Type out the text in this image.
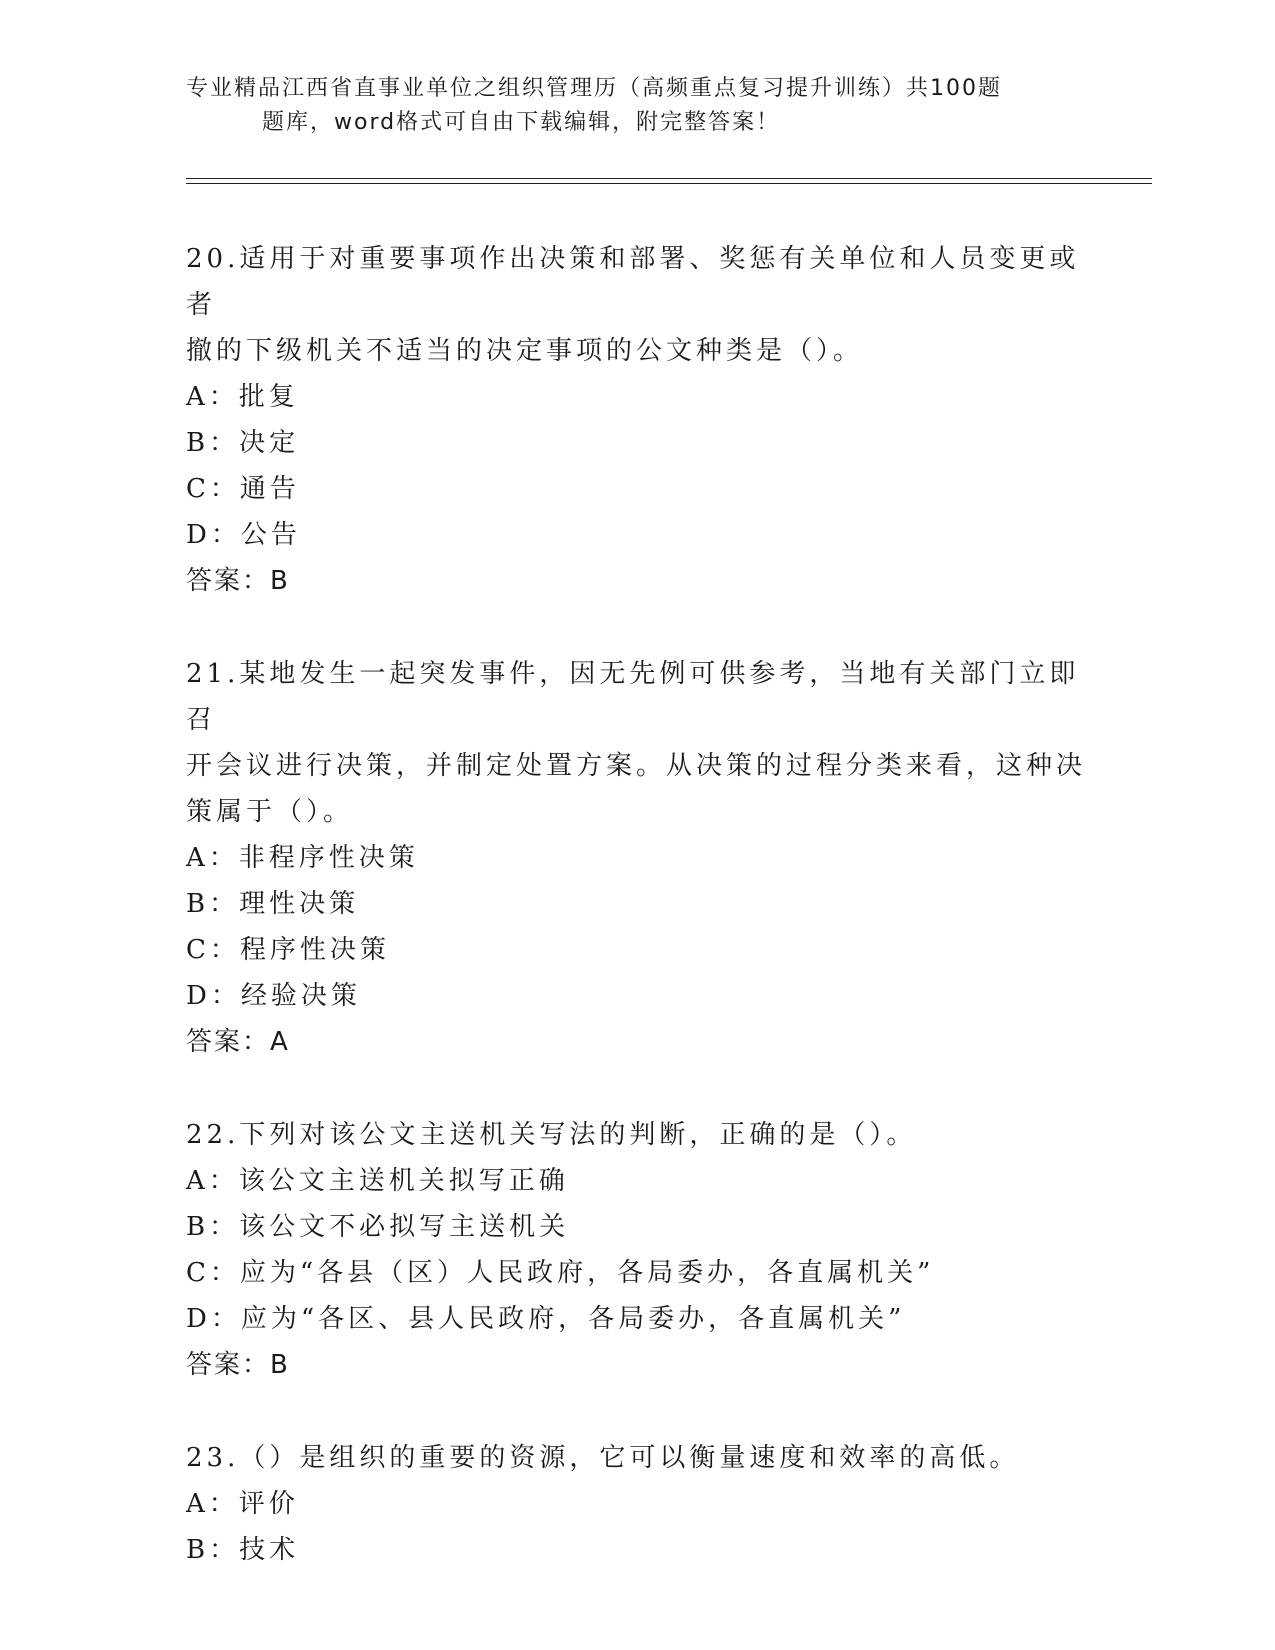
专业精品江西省直事业单位之组织管理历（高频重点复习提升训练）共100题
题库，word格式可自由下载编辑，附完整答案！
20.适用于对重要事项作出决策和部署、奖惩有关单位和人员变更或者
撤的下级机关不适当的决定事项的公文种类是（）。
A：批复
B：决定
C：通告
D：公告
答案：B
21.某地发生一起突发事件，因无先例可供参考，当地有关部门立即召
开会议进行决策，并制定处置方案。从决策的过程分类来看，这种决
策属于（）。
A：非程序性决策
B：理性决策
C：程序性决策
D：经验决策
答案：A
22.下列对该公文主送机关写法的判断，正确的是（）。
A：该公文主送机关拟写正确
B：该公文不必拟写主送机关
C：应为“各县（区）人民政府，各局委办，各直属机关”
D：应为“各区、县人民政府，各局委办，各直属机关”
答案：B
23.（）是组织的重要的资源，它可以衡量速度和效率的高低。
A：评价
B：技术
